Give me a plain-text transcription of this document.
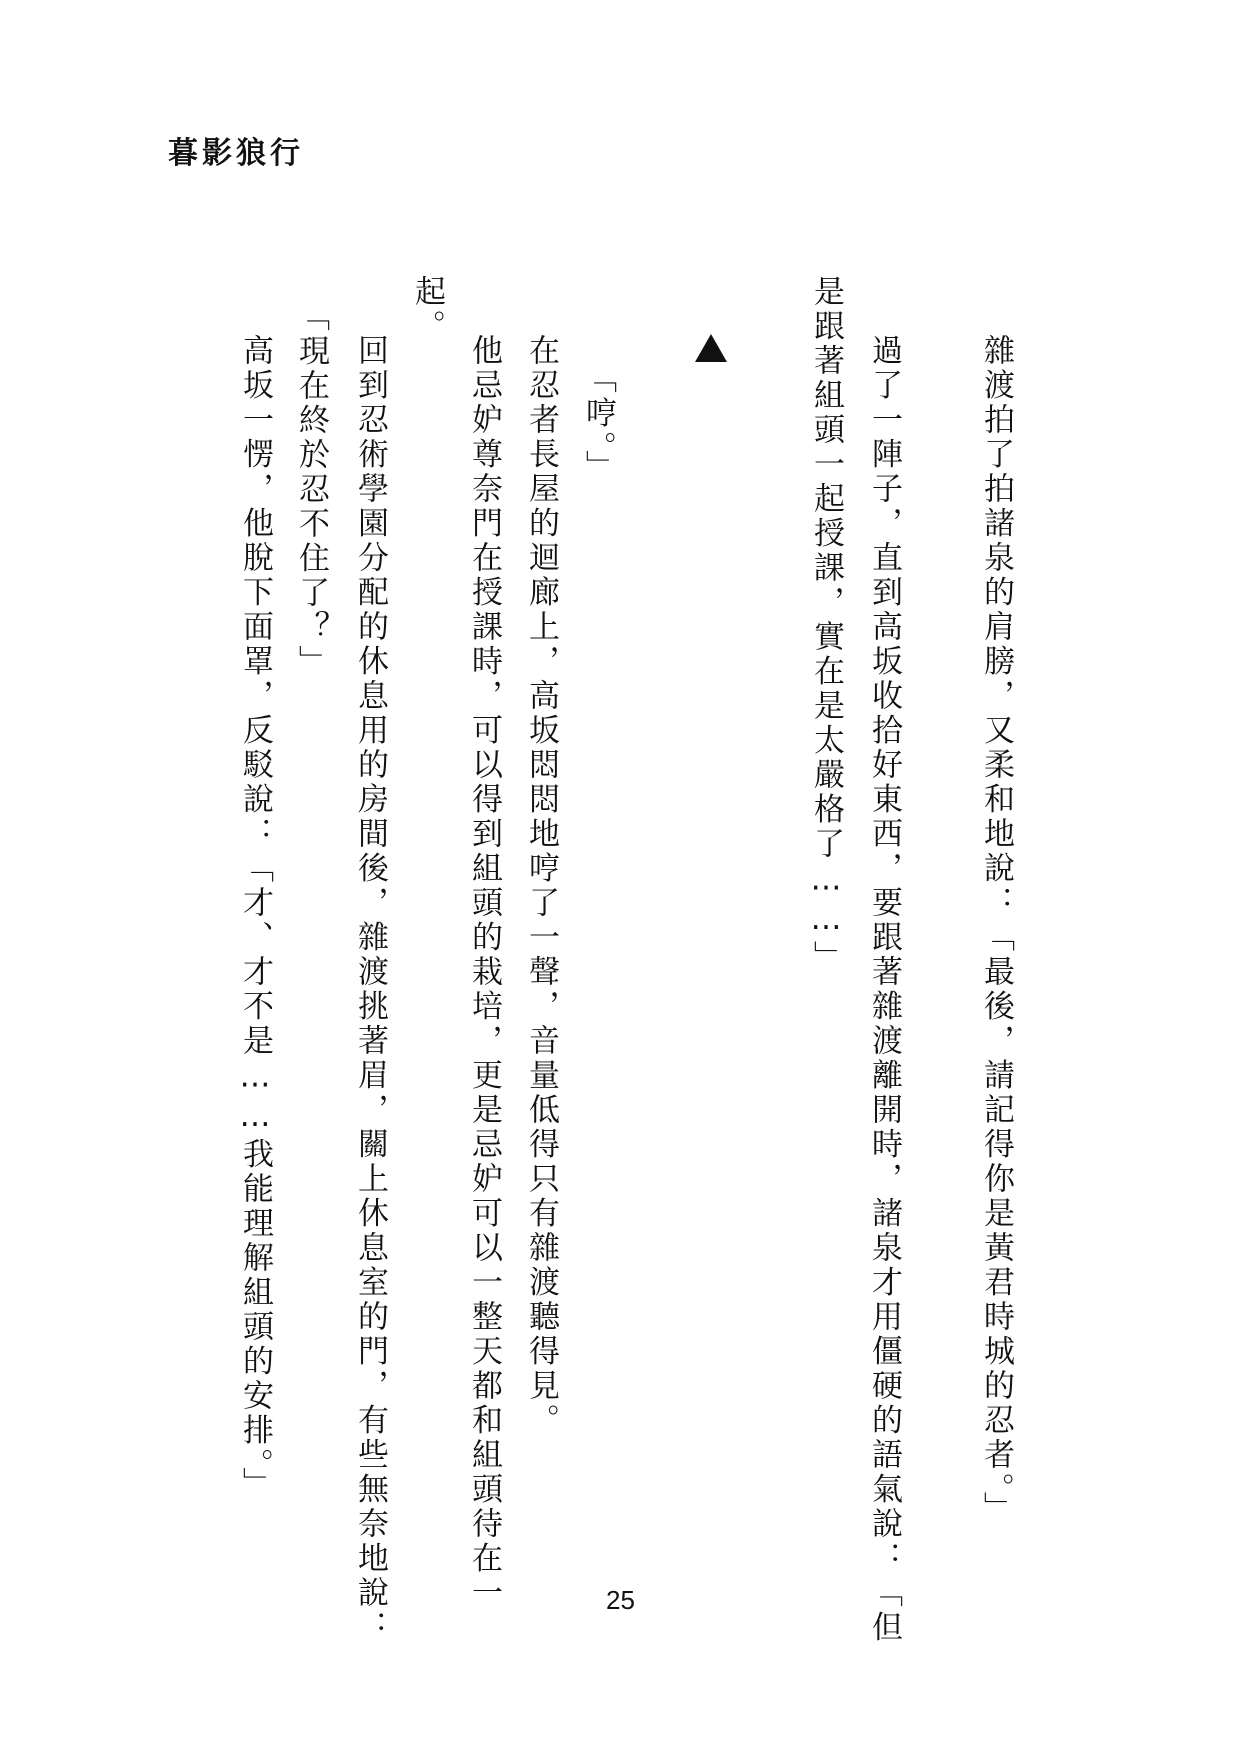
暮影狼行
雜渡拍了拍諸泉的肩膀，又柔和地說：「最後，請記得你是黃君時城的忍者。」
過了一陣子，直到高坂收拾好東西，要跟著雜渡離開時，諸泉才用僵硬的語氣說：「但
是跟著組頭一起授課，實在是太嚴格了……」
「哼。」
在忍者長屋的迴廊上，高坂悶悶地哼了一聲，音量低得只有雜渡聽得見。
他忌妒尊奈門在授課時，可以得到組頭的栽培，更是忌妒可以一整天都和組頭待在一
起。
回到忍術學園分配的休息用的房間後，雜渡挑著眉，關上休息室的門，有些無奈地說：
「現在終於忍不住了？」
高坂一愣，他脫下面罩，反駁說：「才、才不是……我能理解組頭的安排。」
25
